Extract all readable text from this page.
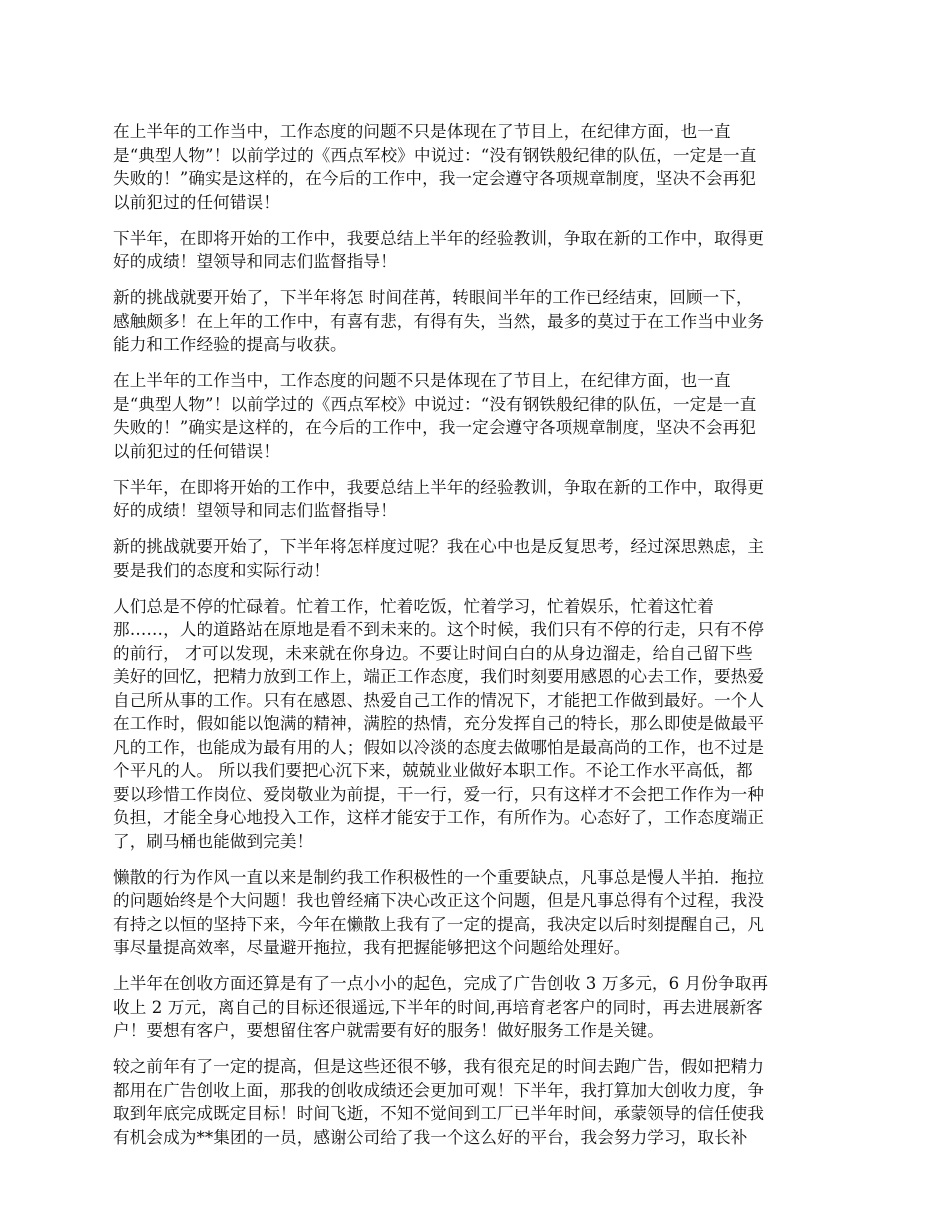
在上半年的工作当中，工作态度的问题不只是体现在了节目上，在纪律方面，也一直
是“典型人物”！以前学过的《西点军校》中说过：“没有钢铁般纪律的队伍，一定是一直
失败的！”确实是这样的，在今后的工作中，我一定会遵守各项规章制度，坚决不会再犯
以前犯过的任何错误！

下半年，在即将开始的工作中，我要总结上半年的经验教训，争取在新的工作中，取得更
好的成绩！望领导和同志们监督指导！

新的挑战就要开始了，下半年将怎 时间荏苒，转眼间半年的工作已经结束，回顾一下，
感触颇多！在上年的工作中，有喜有悲，有得有失，当然，最多的莫过于在工作当中业务
能力和工作经验的提高与收获。

在上半年的工作当中，工作态度的问题不只是体现在了节目上，在纪律方面，也一直
是“典型人物”！以前学过的《西点军校》中说过：“没有钢铁般纪律的队伍，一定是一直
失败的！”确实是这样的，在今后的工作中，我一定会遵守各项规章制度，坚决不会再犯
以前犯过的任何错误！

下半年，在即将开始的工作中，我要总结上半年的经验教训，争取在新的工作中，取得更
好的成绩！望领导和同志们监督指导！

新的挑战就要开始了，下半年将怎样度过呢？我在心中也是反复思考，经过深思熟虑，主
要是我们的态度和实际行动！

人们总是不停的忙碌着。忙着工作，忙着吃饭，忙着学习，忙着娱乐，忙着这忙着
那……，人的道路站在原地是看不到未来的。这个时候，我们只有不停的行走，只有不停
的前行， 才可以发现，未来就在你身边。不要让时间白白的从身边溜走，给自己留下些
美好的回忆，把精力放到工作上，端正工作态度，我们时刻要用感恩的心去工作，要热爱
自己所从事的工作。只有在感恩、热爱自己工作的情况下，才能把工作做到最好。一个人
在工作时，假如能以饱满的精神，满腔的热情，充分发挥自己的特长，那么即使是做最平
凡的工作，也能成为最有用的人；假如以冷淡的态度去做哪怕是最高尚的工作，也不过是
个平凡的人。 所以我们要把心沉下来，兢兢业业做好本职工作。不论工作水平高低，都
要以珍惜工作岗位、爱岗敬业为前提，干一行，爱一行，只有这样才不会把工作作为一种
负担，才能全身心地投入工作，这样才能安于工作，有所作为。心态好了，工作态度端正
了，刷马桶也能做到完美！

懒散的行为作风一直以来是制约我工作积极性的一个重要缺点，凡事总是慢人半拍．拖拉
的问题始终是个大问题！我也曾经痛下决心改正这个问题，但是凡事总得有个过程，我没
有持之以恒的坚持下来，今年在懒散上我有了一定的提高，我决定以后时刻提醒自己，凡
事尽量提高效率，尽量避开拖拉，我有把握能够把这个问题给处理好。

上半年在创收方面还算是有了一点小小的起色，完成了广告创收 3 万多元，6 月份争取再
收上 2 万元，离自己的目标还很遥远,下半年的时间,再培育老客户的同时，再去进展新客
户！要想有客户，要想留住客户就需要有好的服务！做好服务工作是关键。

较之前年有了一定的提高，但是这些还很不够，我有很充足的时间去跑广告，假如把精力
都用在广告创收上面，那我的创收成绩还会更加可观！下半年，我打算加大创收力度，争
取到年底完成既定目标！时间飞逝，不知不觉间到工厂已半年时间，承蒙领导的信任使我
有机会成为**集团的一员，感谢公司给了我一个这么好的平台，我会努力学习，取长补
